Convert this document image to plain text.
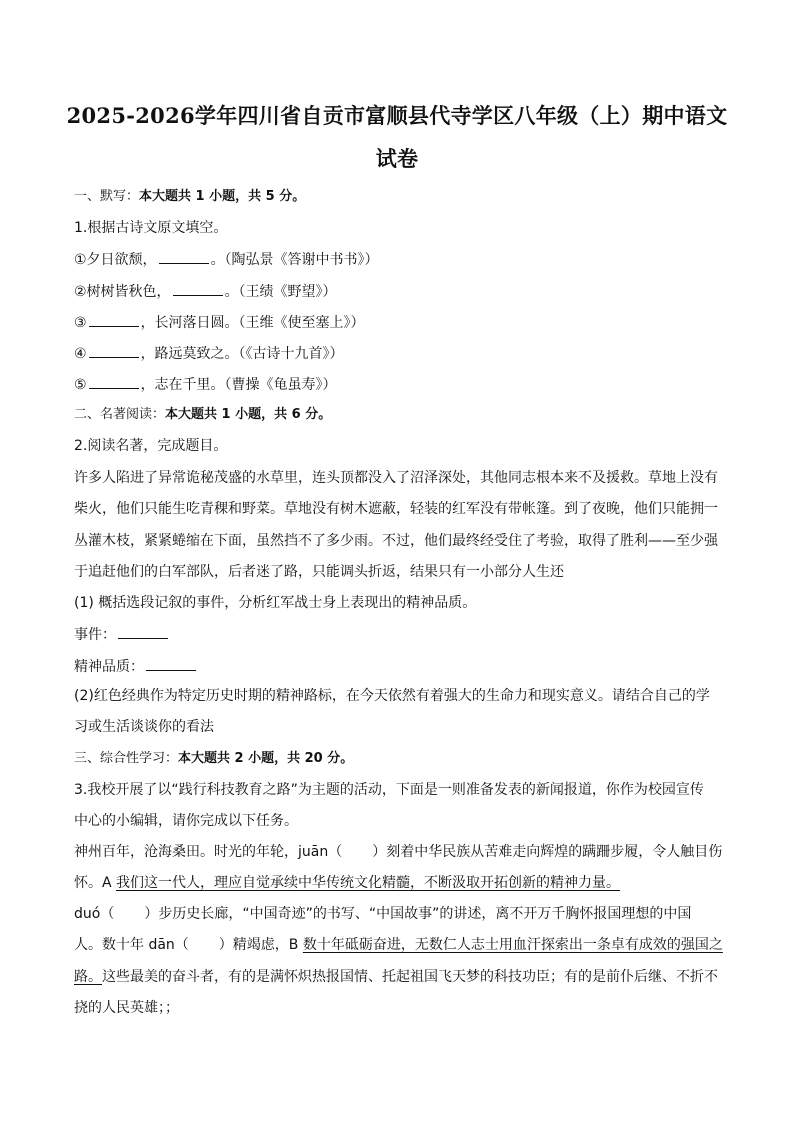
2025-2026学年四川省自贡市富顺县代寺学区八年级（上）期中语文
试卷
一、默写：本大题共 1 小题，共 5 分。
1.根据古诗文原文填空。
①夕日欲颓，	。（陶弘景《答谢中书书》）
②树树皆秋色，	。（王绩《野望》）
③	，长河落日圆。（王维《使至塞上》）
④	，路远莫致之。（《古诗十九首》）
⑤	，志在千里。（曹操《龟虽寿》）
二、名著阅读：本大题共 1 小题，共 6 分。
2.阅读名著，完成题目。
许多人陷进了异常诡秘茂盛的水草里，连头顶都没入了沼泽深处，其他同志根本来不及援救。草地上没有
柴火，他们只能生吃青稞和野菜。草地没有树木遮蔽，轻装的红军没有带帐篷。到了夜晚，他们只能拥一
丛灌木枝，紧紧蜷缩在下面，虽然挡不了多少雨。不过，他们最终经受住了考验，取得了胜利——至少强
于追赶他们的白军部队，后者迷了路，只能调头折返，结果只有一小部分人生还
(1) 概括选段记叙的事件，分析红军战士身上表现出的精神品质。
事件：
精神品质：
(2)红色经典作为特定历史时期的精神路标，在今天依然有着强大的生命力和现实意义。请结合自己的学
习或生活谈谈你的看法
三、综合性学习：本大题共 2 小题，共 20 分。
3.我校开展了以“践行科技教育之路”为主题的活动，下面是一则准备发表的新闻报道，你作为校园宣传
中心的小编辑，请你完成以下任务。
神州百年，沧海桑田。时光的年轮，juān（ ）刻着中华民族从苦难走向辉煌的蹒跚步履，令人触目伤
怀。A 我们这一代人，理应自觉承续中华传统文化精髓，不断汲取开拓创新的精神力量。
duó（ ）步历史长廊，“中国奇迹”的书写、“中国故事”的讲述，离不开万千胸怀报国理想的中国
人。数十年 dān（ ）精竭虑，B 数十年砥砺奋进，无数仁人志士用血汗探索出一条卓有成效的强国之
路。这些最美的奋斗者，有的是满怀炽热报国情、托起祖国飞天梦的科技功臣；有的是前仆后继、不折不
挠的人民英雄；；
